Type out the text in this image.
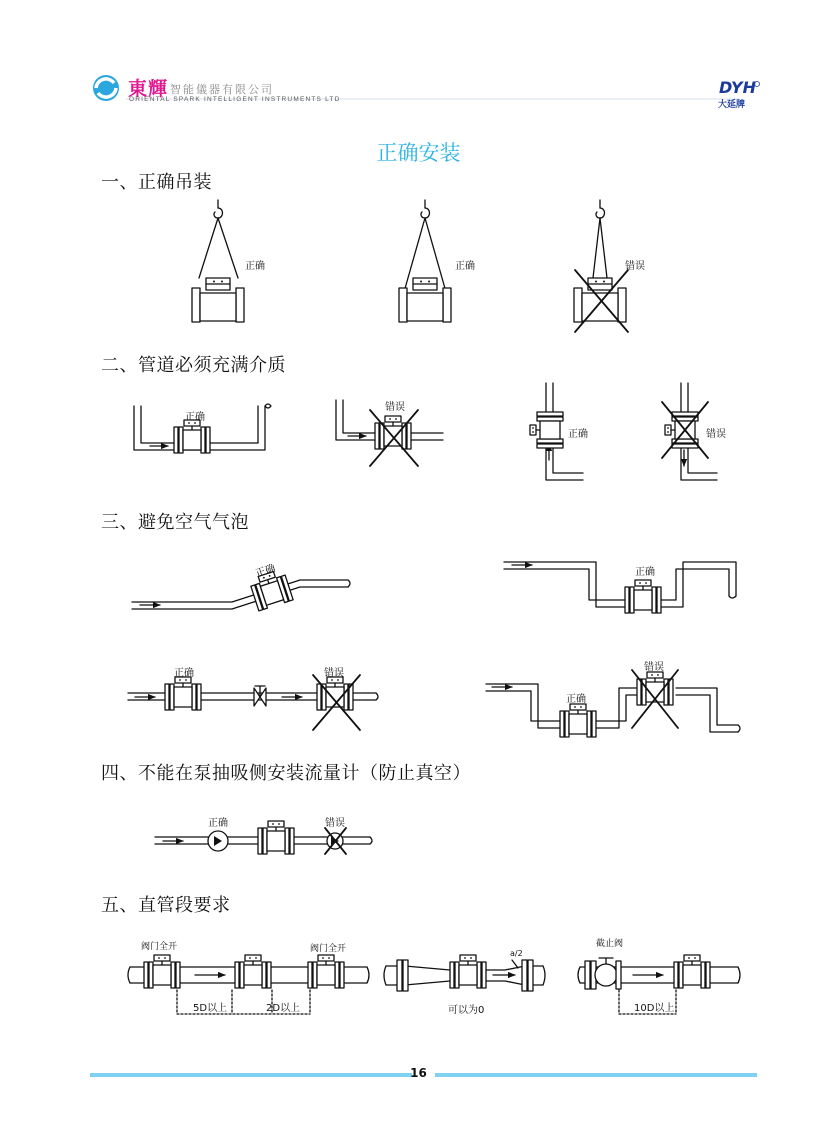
東輝 智能儀器有限公司
ORIENTAL SPARK INTELLIGENT INSTRUMENTS LTD
DYH
大延牌
正确安装
一、正确吊装
二、管道必须充满介质
三、避免空气气泡
四、不能在泵抽吸侧安装流量计（防止真空）
五、直管段要求
正确	正确	错误
正确
错误
正确	错误
正确	正确
正确	错误
正确
错误
正确	错误
阀门全开	阀门全开
5D以上	2D以上
a/2
可以为0
截止阀
10D以上
16
